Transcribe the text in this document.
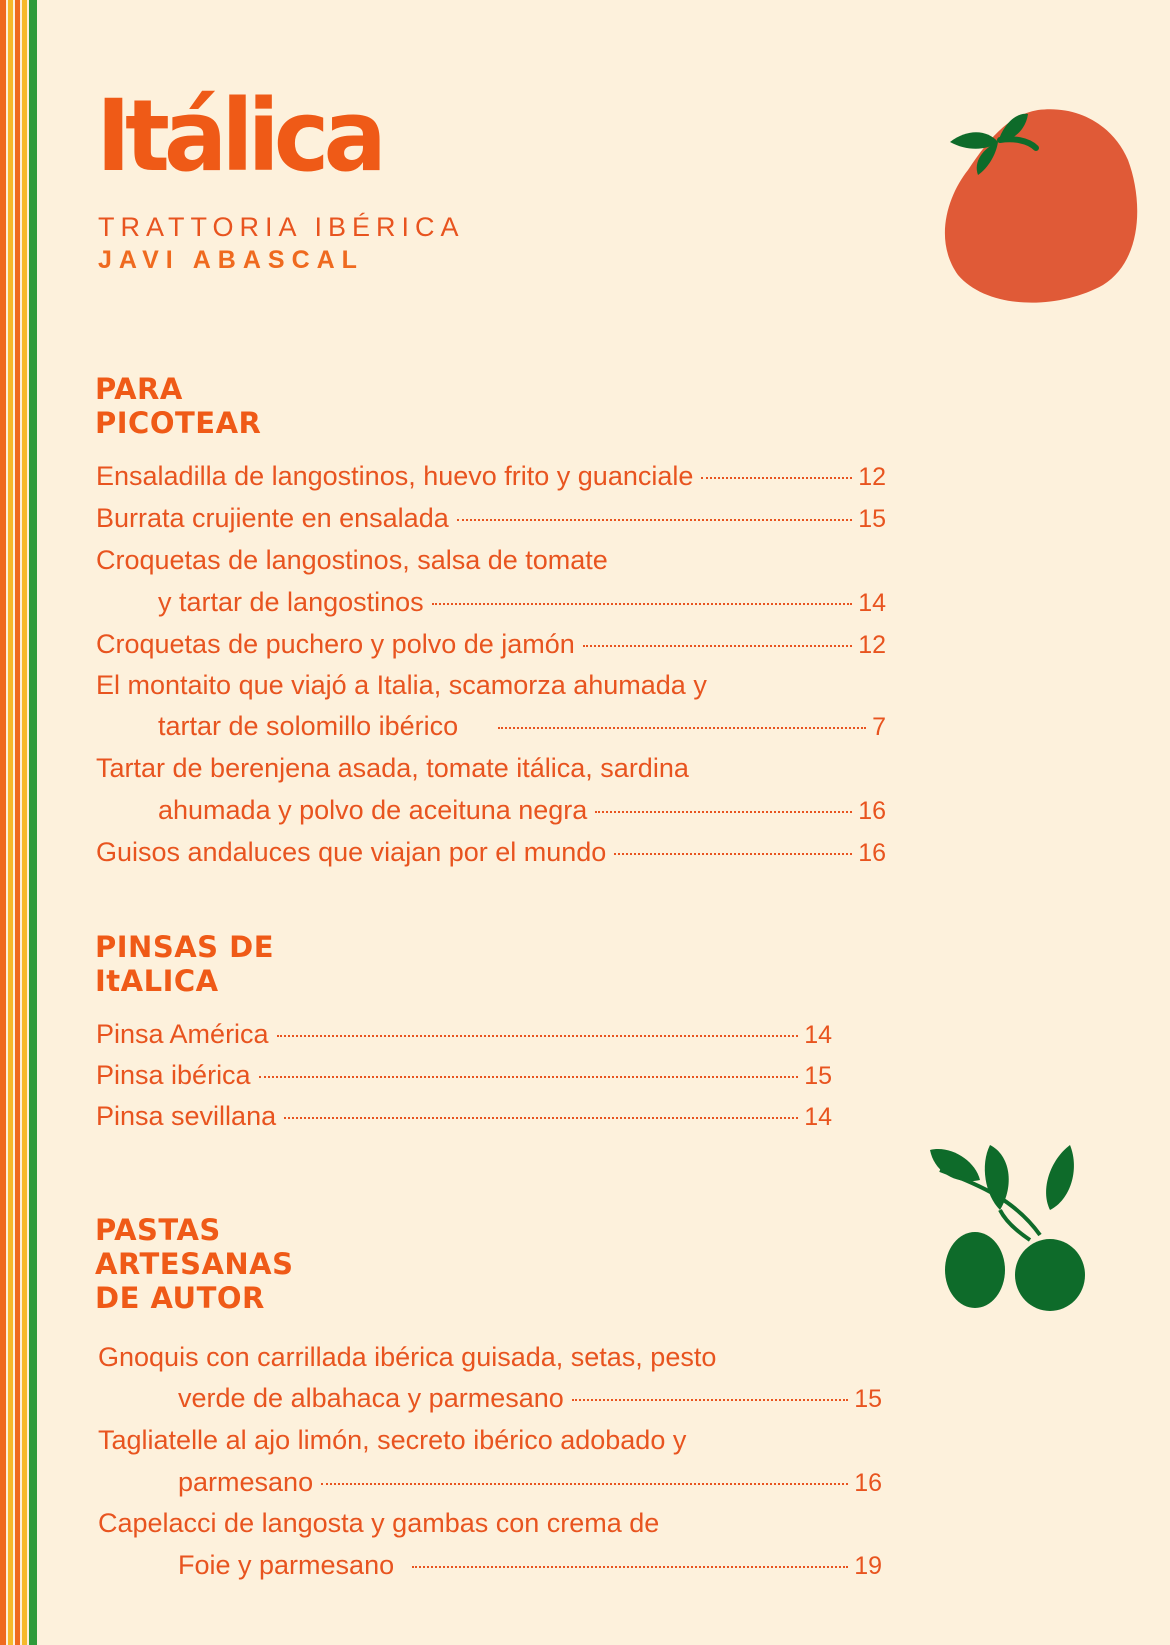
Itálica
TRATTORIA IBÉRICA
JAVI ABASCAL
PARA
PICOTEAR
Ensaladilla de langostinos, huevo frito y guanciale	12
Burrata crujiente en ensalada	15
Croquetas de langostinos, salsa de tomate
y tartar de langostinos	14
Croquetas de puchero y polvo de jamón	12
El montaito que viajó a Italia, scamorza ahumada y
tartar de solomillo ibérico	7
Tartar de berenjena asada, tomate itálica, sardina
ahumada y polvo de aceituna negra	16
Guisos andaluces que viajan por el mundo	16
PINSAS DE
ItALICA
Pinsa América	14
Pinsa ibérica	15
Pinsa sevillana	14
PASTAS
ARTESANAS
DE AUTOR
Gnoquis con carrillada ibérica guisada, setas, pesto
verde de albahaca y parmesano	15
Tagliatelle al ajo limón, secreto ibérico adobado y
parmesano	16
Capelacci de langosta y gambas con crema de
Foie y parmesano	19
